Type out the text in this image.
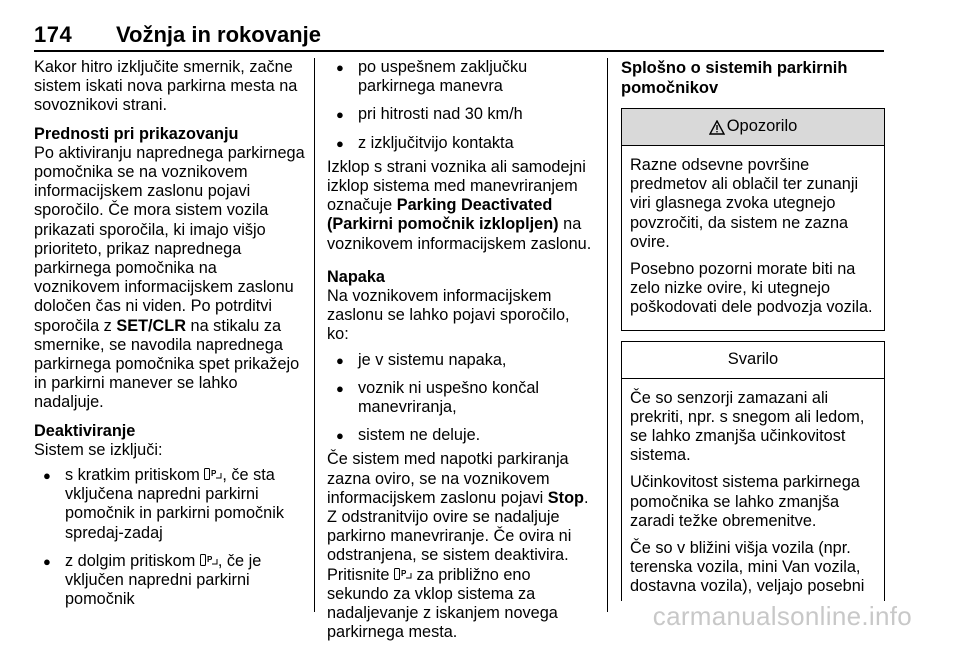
174 Vožnja in rokovanje

Kakor hitro izključite smernik, začne sistem iskati nova parkirna mesta na sovoznikovi strani.

Prednosti pri prikazovanju

Po aktiviranju naprednega parkirnega pomočnika se na voznikovem informacijskem zaslonu pojavi sporočilo. Če mora sistem vozila prikazati sporočila, ki imajo višjo prioriteto, prikaz naprednega parkirnega pomočnika na voznikovem informacijskem zaslonu določen čas ni viden. Po potrditvi sporočila z SET/CLR na stikalu za smernike, se navodila naprednega parkirnega pomočnika spet prikažejo in parkirni manever se lahko nadaljuje.

Deaktiviranje

Sistem se izključi:

● s kratkim pritiskom P , če sta vključena napredni parkirni pomočnik in parkirni pomočnik spredaj-zadaj
● z dolgim pritiskom P , če je vključen napredni parkirni pomočnik
● po uspešnem zaključku parkirnega manevra
● pri hitrosti nad 30 km/h
● z izključitvijo kontakta

Izklop s strani voznika ali samodejni izklop sistema med manevriranjem označuje Parking Deactivated (Parkirni pomočnik izklopljen) na voznikovem informacijskem zaslonu.

Napaka

Na voznikovem informacijskem zaslonu se lahko pojavi sporočilo, ko:

● je v sistemu napaka,
● voznik ni uspešno končal manevriranja,
● sistem ne deluje.

Če sistem med napotki parkiranja zazna oviro, se na voznikovem informacijskem zaslonu pojavi Stop. Z odstranitvijo ovire se nadaljuje parkirno manevriranje. Če ovira ni odstranjena, se sistem deaktivira. Pritisnite P za približno eno sekundo za vklop sistema za nadaljevanje z iskanjem novega parkirnega mesta.

Splošno o sistemih parkirnih pomočnikov

Opozorilo

Razne odsevne površine predmetov ali oblačil ter zunanji viri glasnega zvoka utegnejo povzročiti, da sistem ne zazna ovire.

Posebno pozorni morate biti na zelo nizke ovire, ki utegnejo poškodovati dele podvozja vozila.

Svarilo

Če so senzorji zamazani ali prekriti, npr. s snegom ali ledom, se lahko zmanjša učinkovitost sistema.

Učinkovitost sistema parkirnega pomočnika se lahko zmanjša zaradi težke obremenitve.

Če so v bližini višja vozila (npr. terenska vozila, mini Van vozila, dostavna vozila), veljajo posebni

carmanualsonline.info
